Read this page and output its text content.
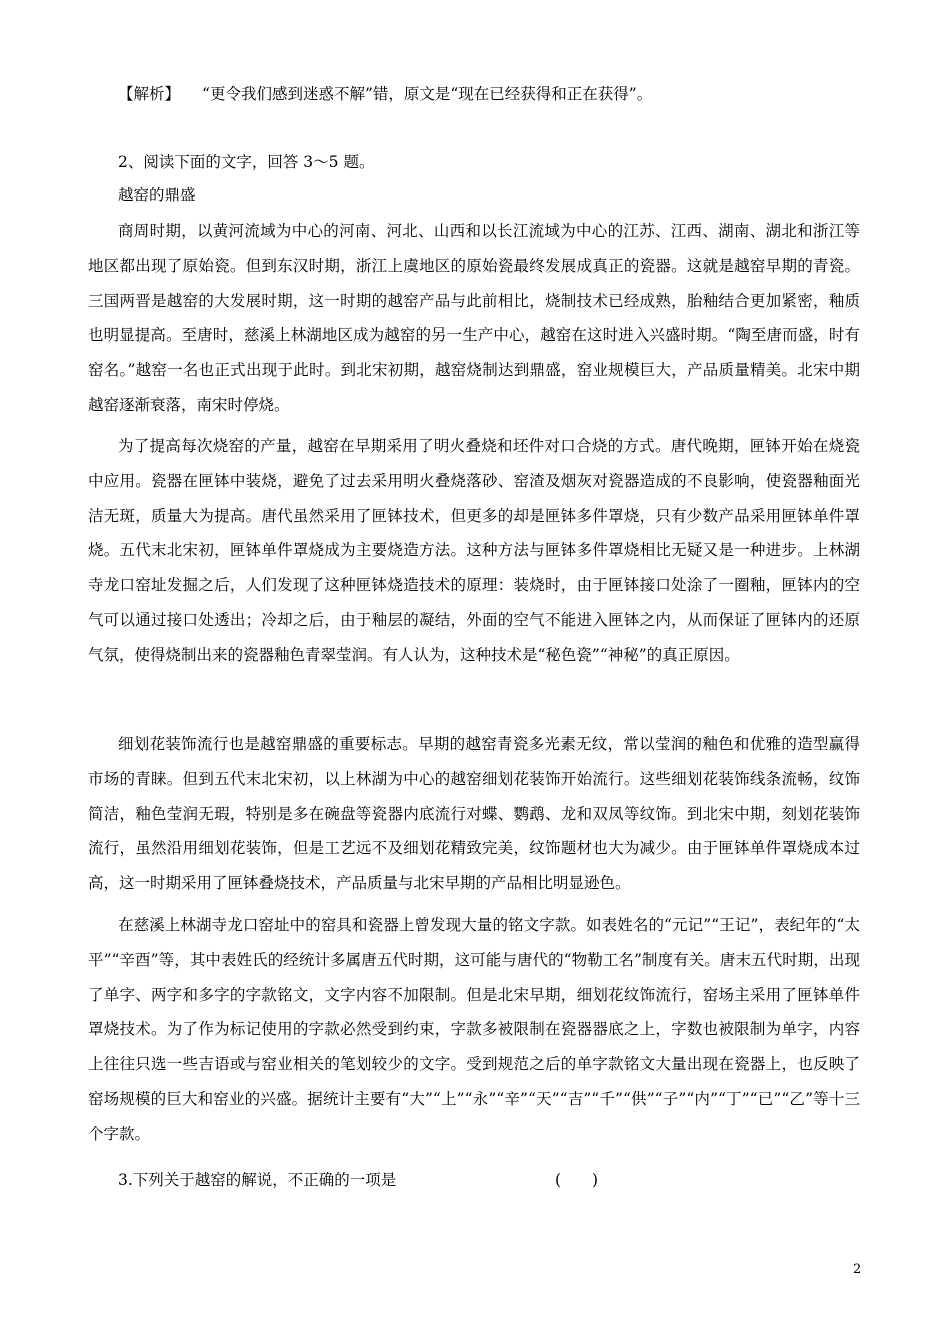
【解析】 “更令我们感到迷惑不解”错，原文是“现在已经获得和正在获得”。
2、阅读下面的文字，回答 3～5 题。
越窑的鼎盛
商周时期，以黄河流域为中心的河南、河北、山西和以长江流域为中心的江苏、江西、湖南、湖北和浙江等地区都出现了原始瓷。但到东汉时期，浙江上虞地区的原始瓷最终发展成真正的瓷器。这就是越窑早期的青瓷。三国两晋是越窑的大发展时期，这一时期的越窑产品与此前相比，烧制技术已经成熟，胎釉结合更加紧密，釉质也明显提高。至唐时，慈溪上林湖地区成为越窑的另一生产中心，越窑在这时进入兴盛时期。“陶至唐而盛，时有窑名。”越窑一名也正式出现于此时。到北宋初期，越窑烧制达到鼎盛，窑业规模巨大，产品质量精美。北宋中期越窑逐渐衰落，南宋时停烧。
为了提高每次烧窑的产量，越窑在早期采用了明火叠烧和坯件对口合烧的方式。唐代晚期，匣钵开始在烧瓷中应用。瓷器在匣钵中装烧，避免了过去采用明火叠烧落砂、窑渣及烟灰对瓷器造成的不良影响，使瓷器釉面光洁无斑，质量大为提高。唐代虽然采用了匣钵技术，但更多的却是匣钵多件罩烧，只有少数产品采用匣钵单件罩烧。五代末北宋初，匣钵单件罩烧成为主要烧造方法。这种方法与匣钵多件罩烧相比无疑又是一种进步。上林湖寺龙口窑址发掘之后，人们发现了这种匣钵烧造技术的原理：装烧时，由于匣钵接口处涂了一圈釉，匣钵内的空气可以通过接口处透出；冷却之后，由于釉层的凝结，外面的空气不能进入匣钵之内，从而保证了匣钵内的还原气氛，使得烧制出来的瓷器釉色青翠莹润。有人认为，这种技术是“秘色瓷”“神秘”的真正原因。
细划花装饰流行也是越窑鼎盛的重要标志。早期的越窑青瓷多光素无纹，常以莹润的釉色和优雅的造型赢得市场的青睐。但到五代末北宋初，以上林湖为中心的越窑细划花装饰开始流行。这些细划花装饰线条流畅，纹饰简洁，釉色莹润无瑕，特别是多在碗盘等瓷器内底流行对蝶、鹦鹉、龙和双凤等纹饰。到北宋中期，刻划花装饰流行，虽然沿用细划花装饰，但是工艺远不及细划花精致完美，纹饰题材也大为减少。由于匣钵单件罩烧成本过高，这一时期采用了匣钵叠烧技术，产品质量与北宋早期的产品相比明显逊色。
在慈溪上林湖寺龙口窑址中的窑具和瓷器上曾发现大量的铭文字款。如表姓名的“元记”“王记”，表纪年的“太平”“辛酉”等，其中表姓氏的经统计多属唐五代时期，这可能与唐代的“物勒工名”制度有关。唐末五代时期，出现了单字、两字和多字的字款铭文，文字内容不加限制。但是北宋早期，细划花纹饰流行，窑场主采用了匣钵单件罩烧技术。为了作为标记使用的字款必然受到约束，字款多被限制在瓷器器底之上，字数也被限制为单字，内容上往往只选一些吉语或与窑业相关的笔划较少的文字。受到规范之后的单字款铭文大量出现在瓷器上，也反映了窑场规模的巨大和窑业的兴盛。据统计主要有“大”“上”“永”“辛”“天”“吉”“千”“供”“子”“内”“丁”“已”“乙”等十三个字款。
3.下列关于越窑的解说，不正确的一项是	(　　)
2
